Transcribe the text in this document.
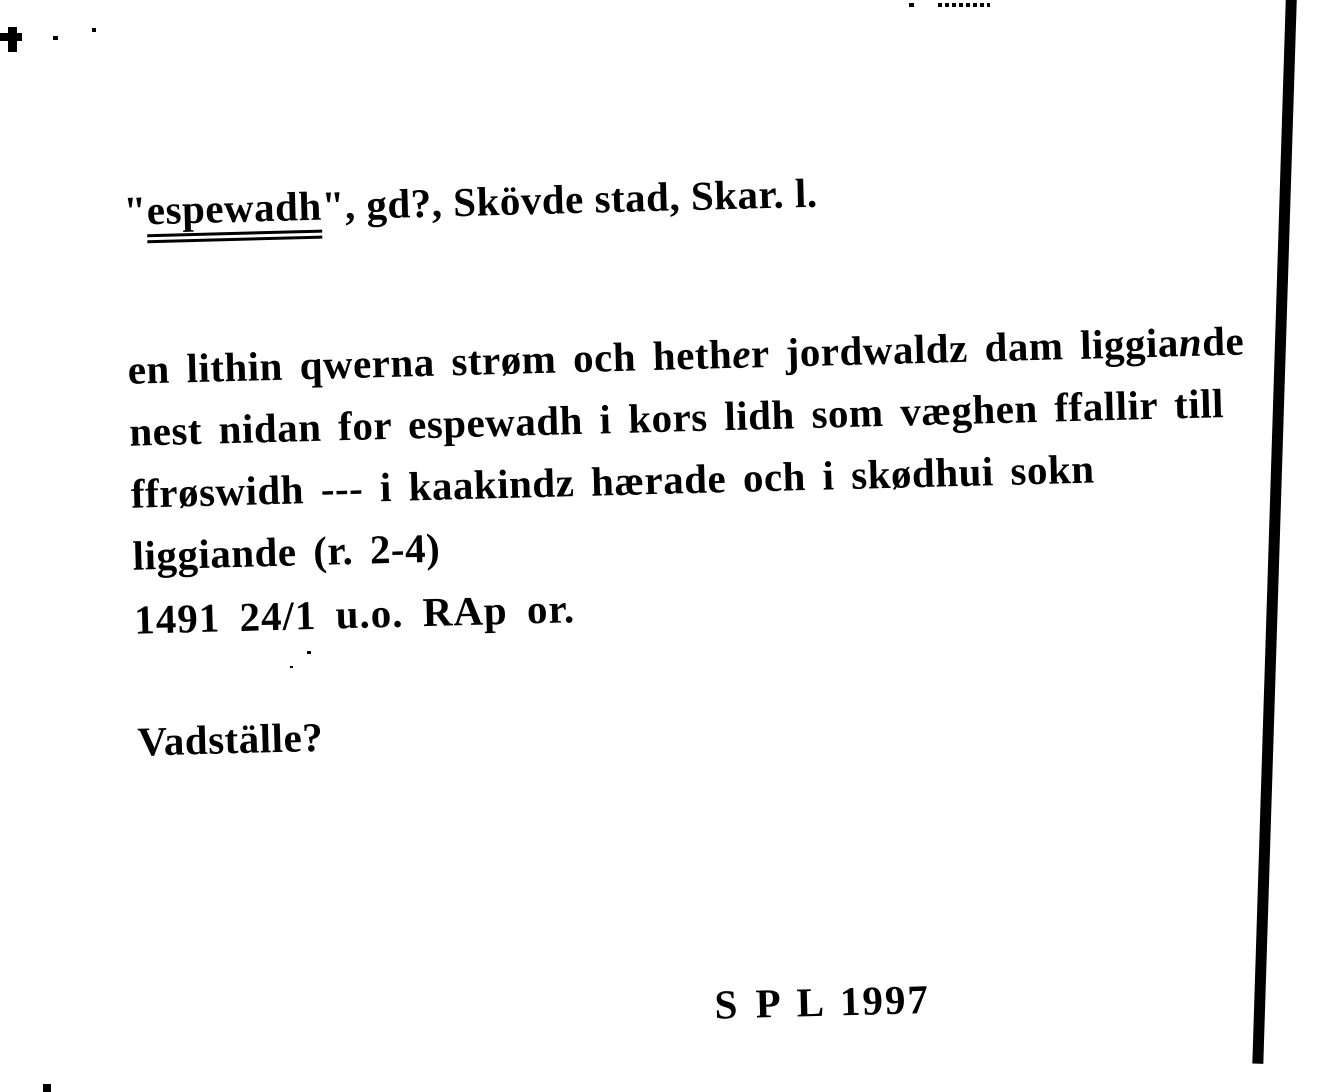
"espewadh", gd?, Skövde stad, Skar. l.
en lithin qwerna strøm och hether jordwaldz dam liggiande
nest nidan for espewadh i kors lidh som væghen ffallir till
ffrøswidh --- i kaakindz hærade och i skødhui sokn
liggiande (r. 2-4)
1491 24/1 u.o. RAp or.
Vadställe?
S P L 1997
